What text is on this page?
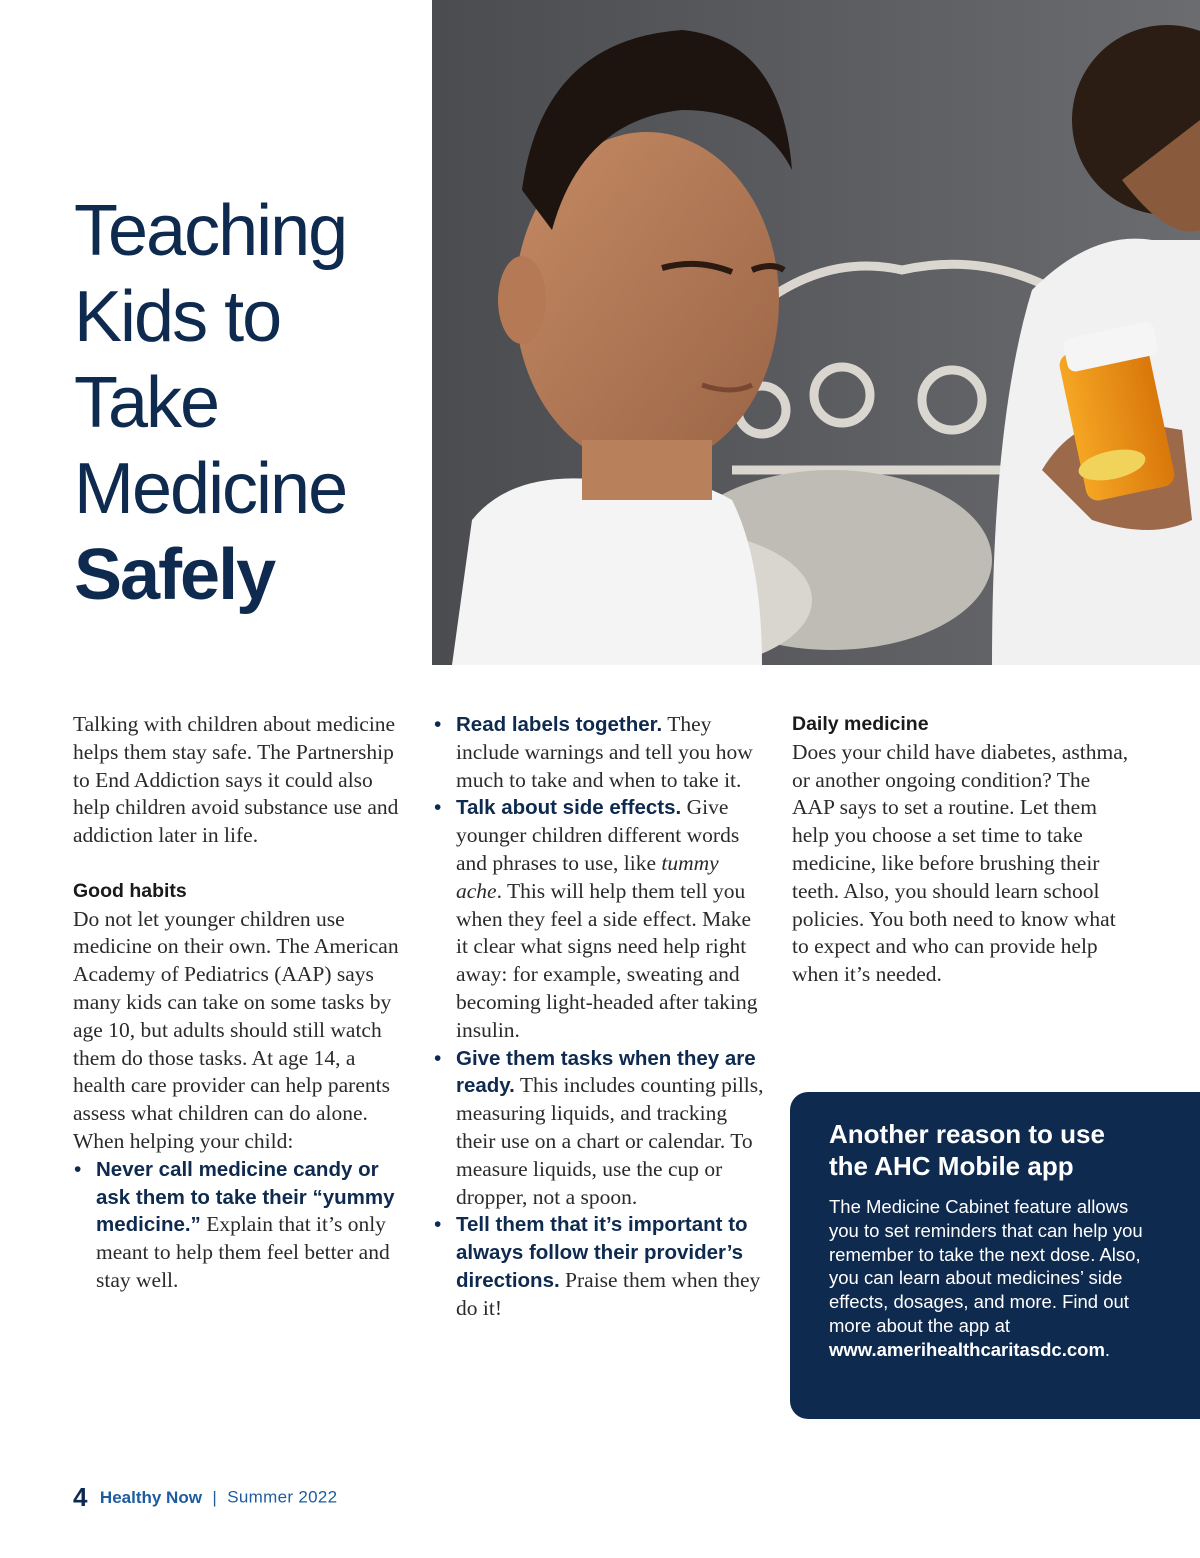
Teaching
Kids to
Take
Medicine
Safely

Talking with children about medicine helps them stay safe. The Partnership to End Addiction says it could also help children avoid substance use and addiction later in life.

Good habits

Do not let younger children use medicine on their own. The American Academy of Pediatrics (AAP) says many kids can take on some tasks by age 10, but adults should still watch them do those tasks. At age 14, a health care provider can help parents assess what children can do alone.

When helping your child:

• Never call medicine candy or ask them to take their “yummy medicine.” Explain that it’s only meant to help them feel better and stay well.
• Read labels together. They include warnings and tell you how much to take and when to take it.
• Talk about side effects. Give younger children different words and phrases to use, like tummy ache. This will help them tell you when they feel a side effect. Make it clear what signs need help right away: for example, sweating and becoming light-headed after taking insulin.
• Give them tasks when they are ready. This includes counting pills, measuring liquids, and tracking their use on a chart or calendar. To measure liquids, use the cup or dropper, not a spoon.
• Tell them that it’s important to always follow their provider’s directions. Praise them when they do it!
Daily medicine

Does your child have diabetes, asthma, or another ongoing condition? The AAP says to set a routine. Let them help you choose a set time to take medicine, like before brushing their teeth. Also, you should learn school policies. You both need to know what to expect and who can provide help when it’s needed.

Another reason to use the AHC Mobile app

The Medicine Cabinet feature allows you to set reminders that can help you remember to take the next dose. Also, you can learn about medicines’ side effects, dosages, and more. Find out more about the app at www.amerihealthcaritasdc.com.

4 Healthy Now | Summer 2022
